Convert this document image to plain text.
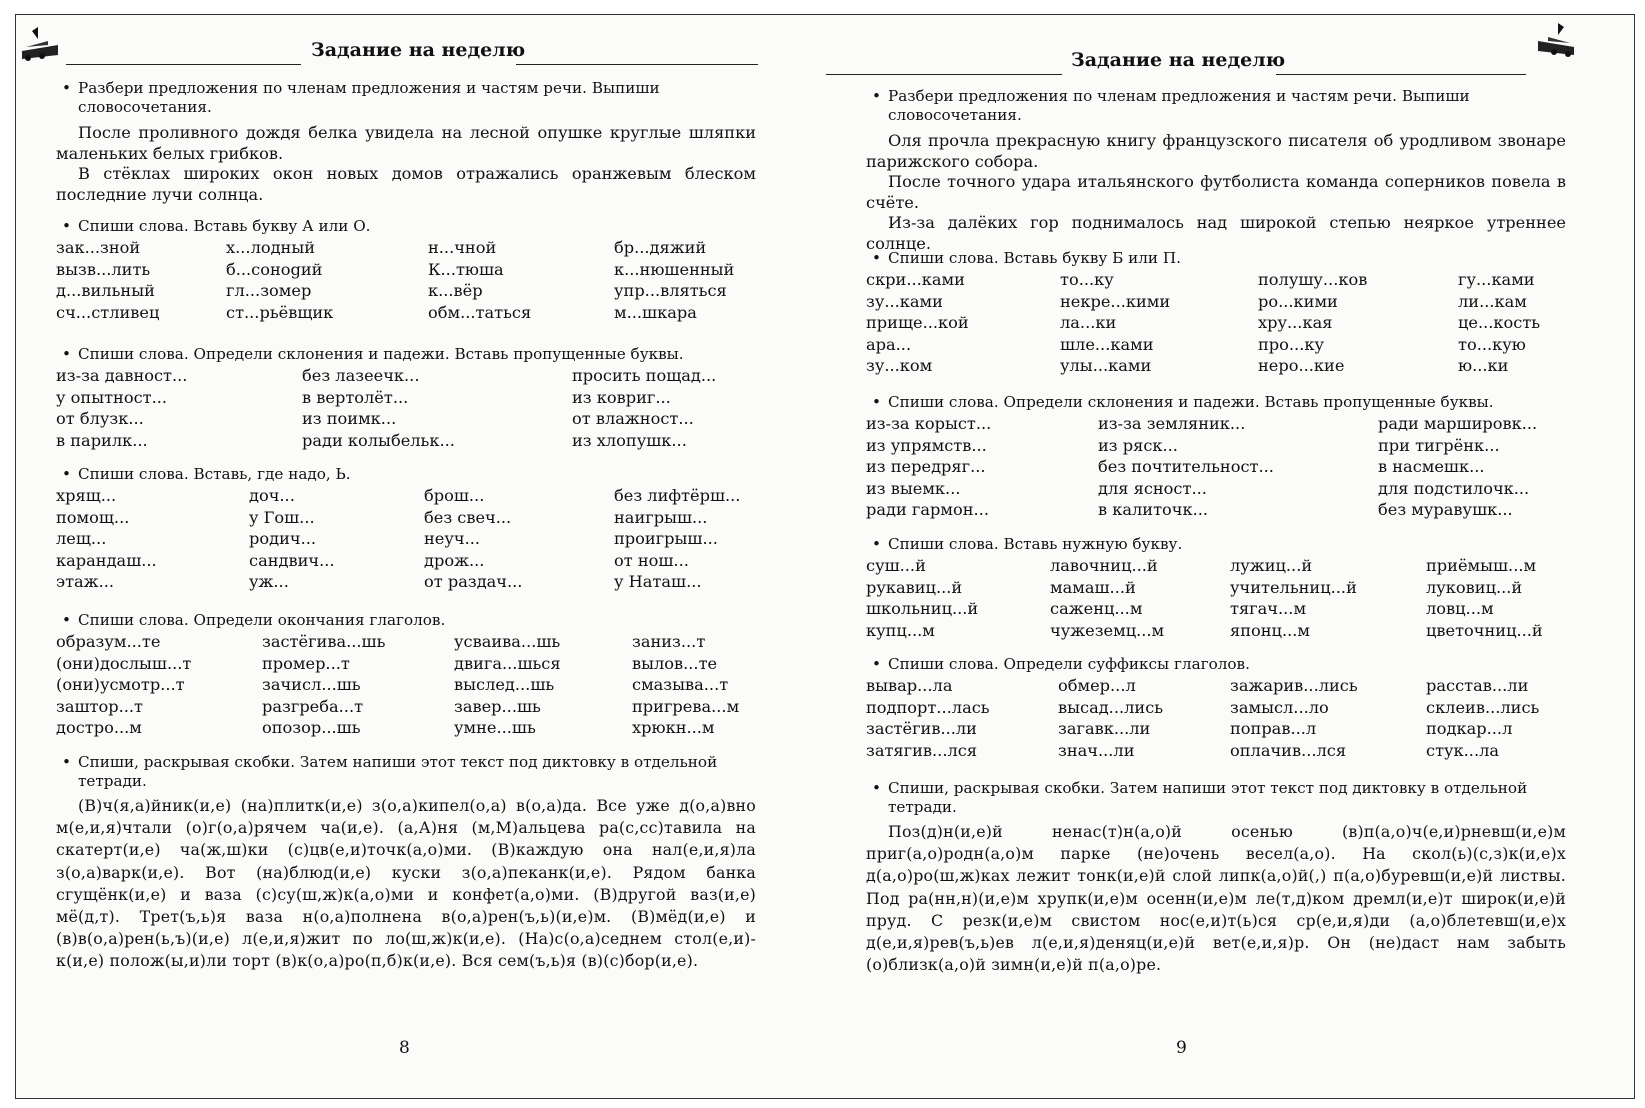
Задание на неделю
• Разбери предложения по членам предложения и частям речи. Выпиши словосочетания.

После проливного дождя белка увидела на лесной опушке круглые шляпки маленьких белых грибков.

В стёклах широких окон новых домов отражались оранжевым блеском последние лучи солнца.

• Спиши слова. Вставь букву А или О.
зак...зной	х...лодный	н...чной	бр...дяжий
вызв...лить	б...сонogий	К...тюша	к...нюшенный
д...вильный	гл...зомер	к...вёр	упр...вляться
сч...стливец	ст...рьёвщик	обм...таться	м...шкара
• Спиши слова. Определи склонения и падежи. Вставь пропущенные буквы.
из-за давност...	без лазеечк...	просить пощад...
у опытност...	в вертолёт...	из ковриг...
от блузк...	из поимк...	от влажност...
в парилк...	ради колыбельк...	из хлопушк...
• Спиши слова. Вставь, где надо, Ь.
хрящ...	доч...	брош...	без лифтёрш...
помощ...	у Гош...	без свеч...	наигрыш...
лещ...	родич...	неуч...	проигрыш...
карандаш...	сандвич...	дрож...	от нош...
этаж...	уж...	от раздач...	у Наташ...
• Спиши слова. Определи окончания глаголов.
образум...те	застёгива...шь	усваива...шь	заниз...т
(они)дослыш...т	промер...т	двига...шься	вылов...те
(они)усмотр...т	зачисл...шь	выслед...шь	смазыва...т
заштор...т	разгреба...т	завер...шь	пригрева...м
достро...м	опозор...шь	умне...шь	хрюкн...м
• Спиши, раскрывая скобки. Затем напиши этот текст под диктовку в отдельной тетради.

(В)ч(я,а)йник(и,е) (на)плитк(и,е) з(о,а)кипел(о,а) в(о,а)да. Все уже д(о,а)вно м(е,и,я)чтали (о)г(о,а)рячем ча(и,е). (а,А)ня (м,М)альцева ра(с,сс)тавила на скатерт(и,е) ча(ж,ш)ки (с)цв(е,и)точк(а,о)ми. (В)каждую она нал(е,и,я)ла з(о,а)варк(и,е). Вот (на)блюд(и,е) куски з(о,а)пеканк(и,е). Рядом банка сгущёнк(и,е) и ваза (с)су(ш,ж)к(а,о)ми и конфет(а,о)ми. (В)другой ваз(и,е) мё(д,т). Трет(ъ,ь)я ваза н(о,а)полнена в(о,а)рен(ъ,ь)(и,е)м. (В)мёд(и,е) и (в)в(о,а)рен(ь,ъ)(и,е) л(е,и,я)жит по ло(ш,ж)к(и,е). (На)с(о,а)седнем стол(е,и)-к(и,е) полож(ы,и)ли торт (в)к(о,а)ро(п,б)к(и,е). Вся сем(ъ,ь)я (в)(с)бор(и,е).

8
Задание на неделю
• Разбери предложения по членам предложения и частям речи. Выпиши словосочетания.

Оля прочла прекрасную книгу французского писателя об уродливом звонаре парижского собора.

После точного удара итальянского футболиста команда соперников повела в счёте.

Из-за далёких гор поднималось над широкой степью неяркое утреннее солнце.

• Спиши слова. Вставь букву Б или П.
скри...ками	то...ку	полушу...ков	гу...ками
зу...ками	некре...кими	ро...кими	ли...кам
прище...кой	ла...ки	хру...кая	це...кость
ара...	шле...ками	про...ку	то...кую
зу...ком	улы...ками	неро...кие	ю...ки
• Спиши слова. Определи склонения и падежи. Вставь пропущенные буквы.
из-за корыст...	из-за земляник...	ради маршировк...
из упрямств...	из ряск...	при тигрёнк...
из передряг...	без почтительност...	в насмешк...
из выемк...	для ясност...	для подстилочк...
ради гармон...	в калиточк...	без муравушк...
• Спиши слова. Вставь нужную букву.
суш...й	лавочниц...й	лужиц...й	приёмыш...м
рукавиц...й	мамаш...й	учительниц...й	луковиц...й
школьниц...й	саженц...м	тягач...м	ловц...м
купц...м	чужеземц...м	японц...м	цветочниц...й
• Спиши слова. Определи суффиксы глаголов.
вывар...ла	обмер...л	зажарив...лись	расстав...ли
подпорт...лась	высад...лись	замысл...ло	склеив...лись
застёгив...ли	загавк...ли	поправ...л	подкар...л
затягив...лся	знач...ли	оплачив...лся	стук...ла
• Спиши, раскрывая скобки. Затем напиши этот текст под диктовку в отдельной тетради.

Поз(д)н(и,е)й ненас(т)н(а,о)й осенью (в)п(а,о)ч(е,и)рневш(и,е)м приг(а,о)родн(а,о)м парке (не)очень весел(а,о). На скол(ь)(с,з)к(и,е)х д(а,о)ро(ш,ж)ках лежит тонк(и,е)й слой липк(а,о)й(,) п(а,о)буревш(и,е)й листвы. Под ра(нн,н)(и,е)м хрупк(и,е)м осенн(и,е)м ле(т,д)ком дремл(и,е)т широк(и,е)й пруд. С резк(и,е)м свистом нос(е,и)т(ь)ся ср(е,и,я)ди (а,о)блетевш(и,е)х д(е,и,я)рев(ъ,ь)ев л(е,и,я)деняц(и,е)й вет(е,и,я)р. Он (не)даст нам забыть (о)близк(а,о)й зимн(и,е)й п(а,о)ре.

9
